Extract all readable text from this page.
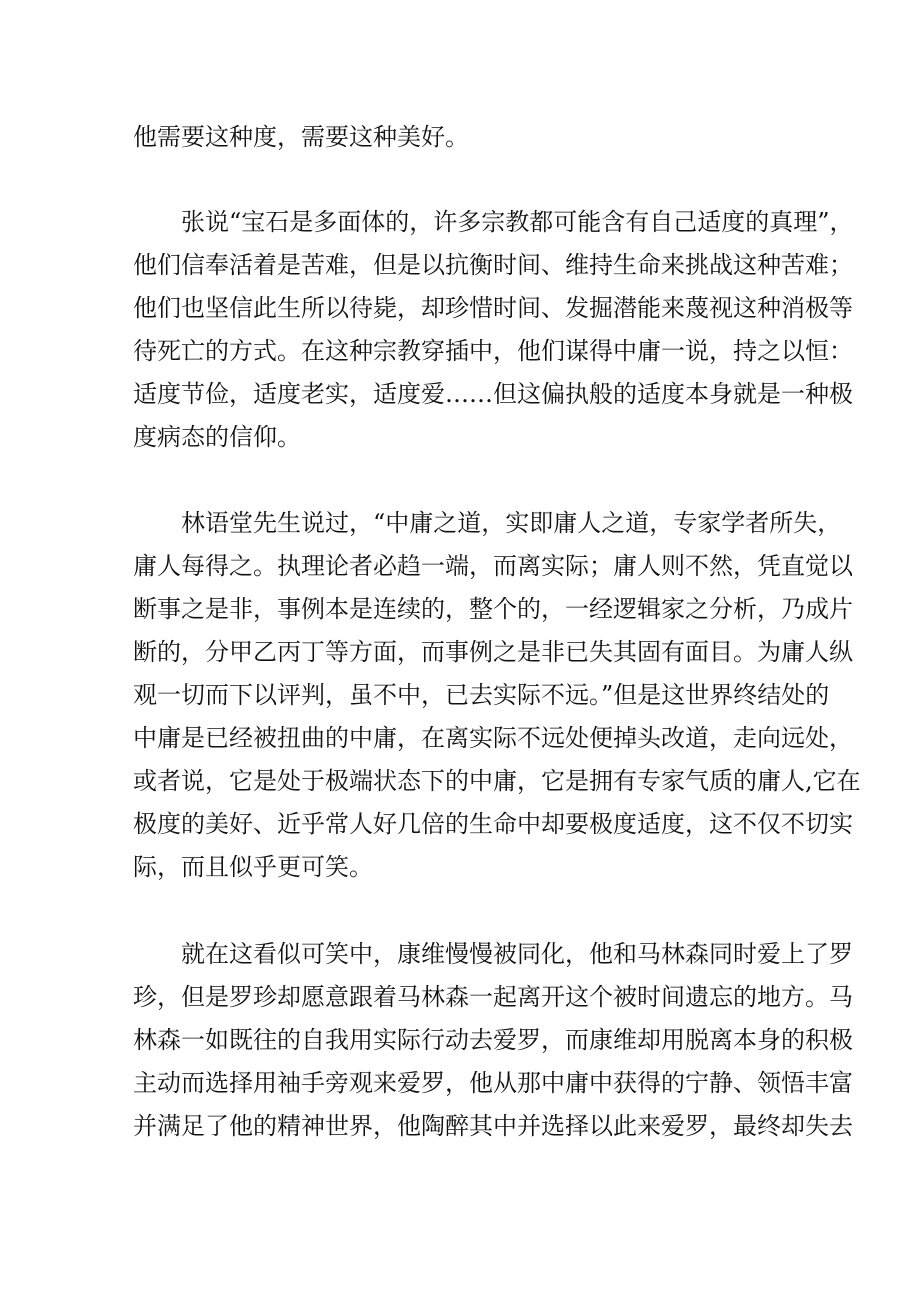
他需要这种度，需要这种美好。

　　张说“宝石是多面体的，许多宗教都可能含有自己适度的真理”，
他们信奉活着是苦难，但是以抗衡时间、维持生命来挑战这种苦难；
他们也坚信此生所以待毙，却珍惜时间、发掘潜能来蔑视这种消极等
待死亡的方式。在这种宗教穿插中，他们谋得中庸一说，持之以恒：
适度节俭，适度老实，适度爱……但这偏执般的适度本身就是一种极
度病态的信仰。

　　林语堂先生说过，“中庸之道，实即庸人之道，专家学者所失，
庸人每得之。执理论者必趋一端，而离实际；庸人则不然，凭直觉以
断事之是非，事例本是连续的，整个的，一经逻辑家之分析，乃成片
断的，分甲乙丙丁等方面，而事例之是非已失其固有面目。为庸人纵
观一切而下以评判，虽不中，已去实际不远。”但是这世界终结处的
中庸是已经被扭曲的中庸，在离实际不远处便掉头改道，走向远处，
或者说，它是处于极端状态下的中庸，它是拥有专家气质的庸人,它在
极度的美好、近乎常人好几倍的生命中却要极度适度，这不仅不切实
际，而且似乎更可笑。

　　就在这看似可笑中，康维慢慢被同化，他和马林森同时爱上了罗
珍，但是罗珍却愿意跟着马林森一起离开这个被时间遗忘的地方。马
林森一如既往的自我用实际行动去爱罗，而康维却用脱离本身的积极
主动而选择用袖手旁观来爱罗，他从那中庸中获得的宁静、领悟丰富
并满足了他的精神世界，他陶醉其中并选择以此来爱罗，最终却失去
